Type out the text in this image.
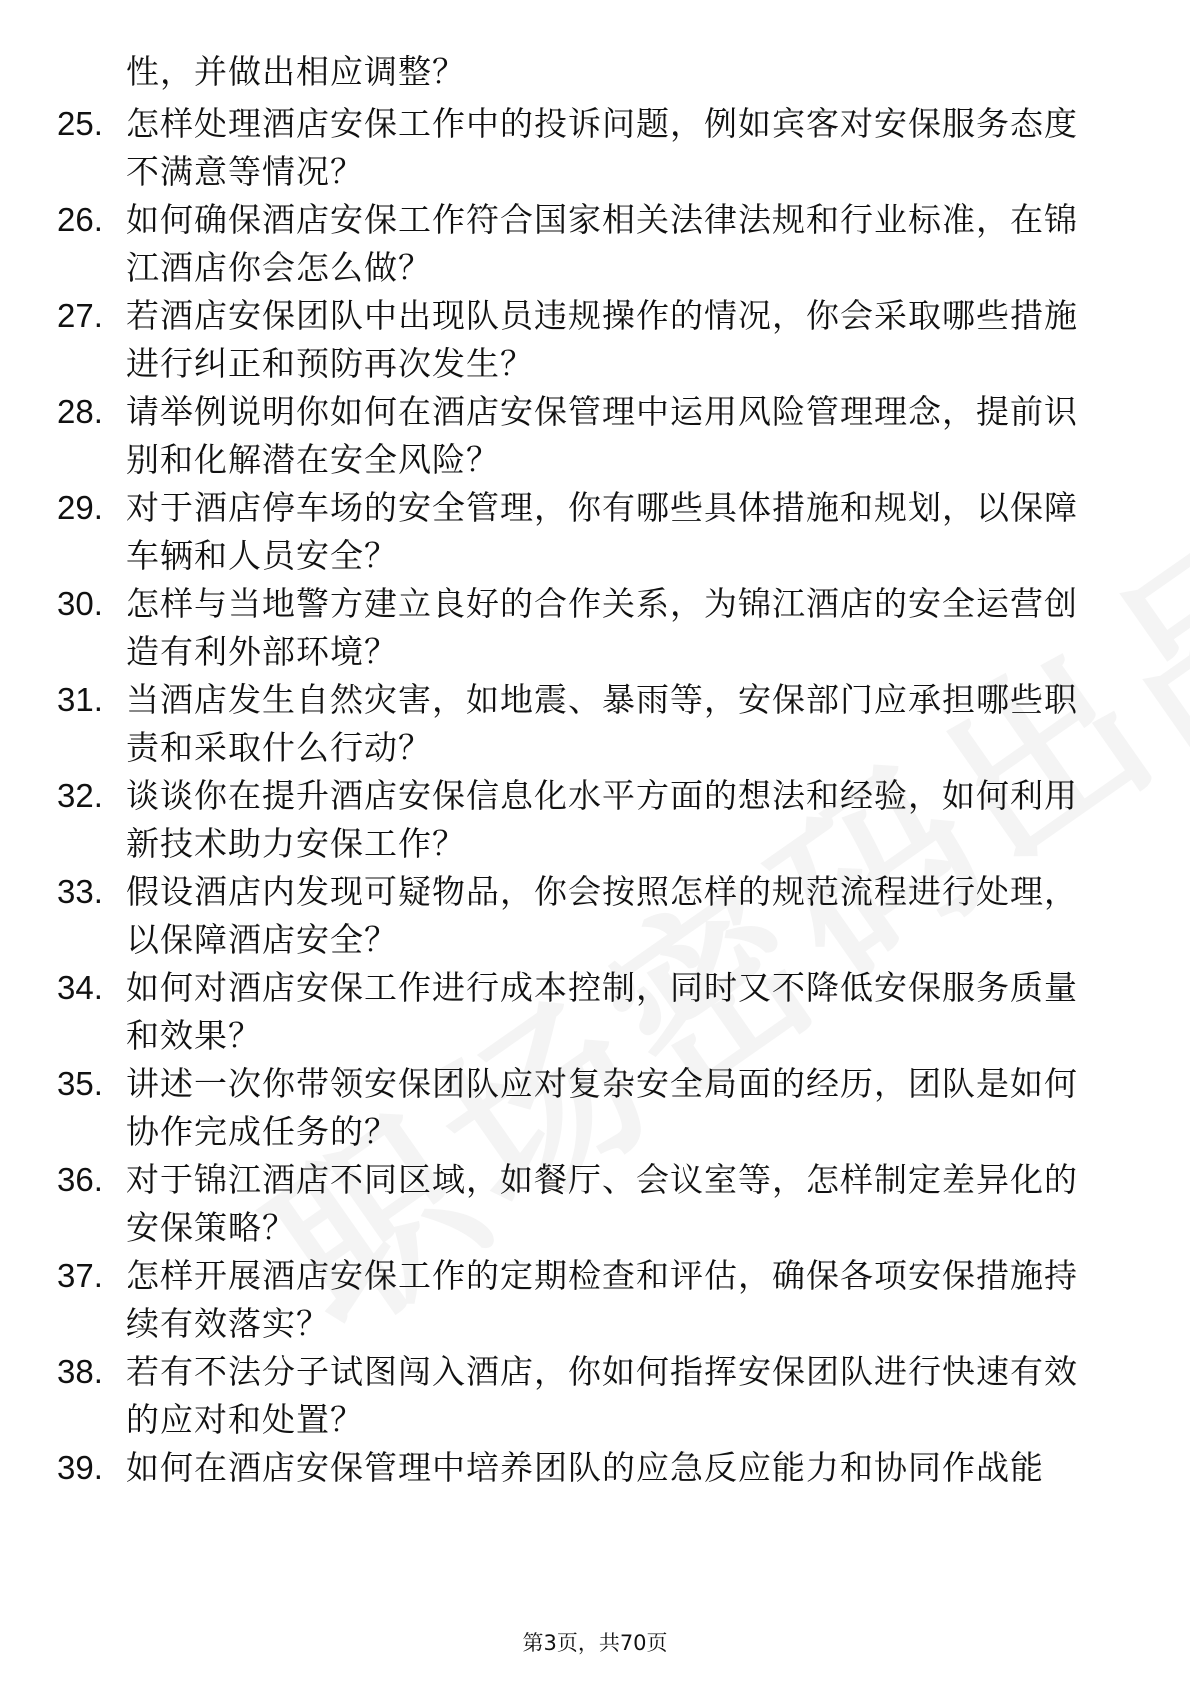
性，并做出相应调整？
25. 怎样处理酒店安保工作中的投诉问题，例如宾客对安保服务态度
不满意等情况？
26. 如何确保酒店安保工作符合国家相关法律法规和行业标准，在锦
江酒店你会怎么做？
27. 若酒店安保团队中出现队员违规操作的情况，你会采取哪些措施
进行纠正和预防再次发生？
28. 请举例说明你如何在酒店安保管理中运用风险管理理念，提前识
别和化解潜在安全风险？
29. 对于酒店停车场的安全管理，你有哪些具体措施和规划，以保障
车辆和人员安全？
30. 怎样与当地警方建立良好的合作关系，为锦江酒店的安全运营创
造有利外部环境？
31. 当酒店发生自然灾害，如地震、暴雨等，安保部门应承担哪些职
责和采取什么行动？
32. 谈谈你在提升酒店安保信息化水平方面的想法和经验，如何利用
新技术助力安保工作？
33. 假设酒店内发现可疑物品，你会按照怎样的规范流程进行处理，
以保障酒店安全？
34. 如何对酒店安保工作进行成本控制，同时又不降低安保服务质量
和效果？
35. 讲述一次你带领安保团队应对复杂安全局面的经历，团队是如何
协作完成任务的？
36. 对于锦江酒店不同区域，如餐厅、会议室等，怎样制定差异化的
安保策略？
37. 怎样开展酒店安保工作的定期检查和评估，确保各项安保措施持
续有效落实？
38. 若有不法分子试图闯入酒店，你如何指挥安保团队进行快速有效
的应对和处置？
39. 如何在酒店安保管理中培养团队的应急反应能力和协同作战能
第3页，共70页
